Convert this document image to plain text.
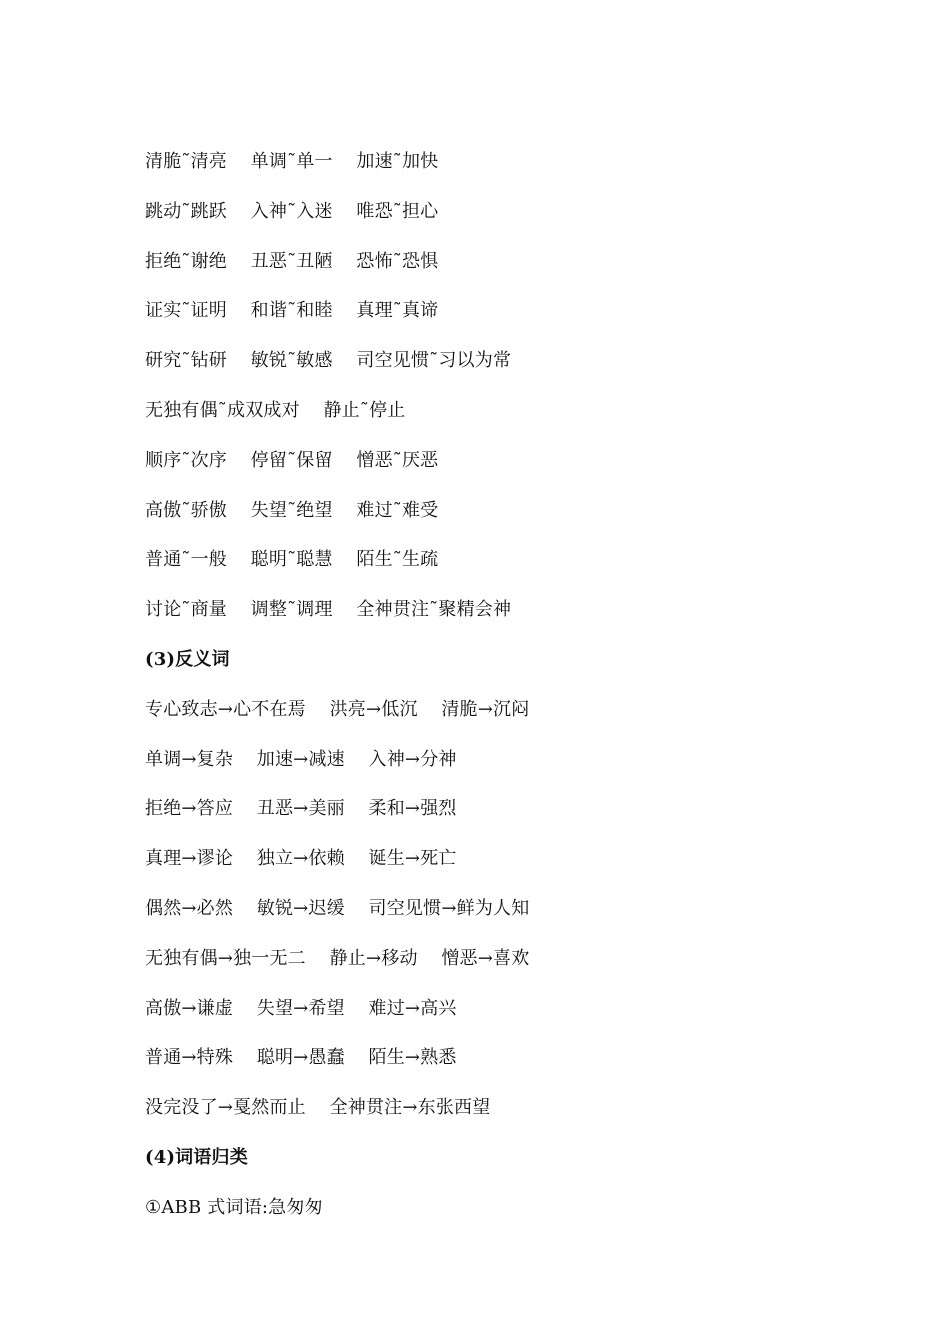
清脆˜清亮    单调˜单一    加速˜加快
跳动˜跳跃    入神˜入迷    唯恐˜担心
拒绝˜谢绝    丑恶˜丑陋    恐怖˜恐惧
证实˜证明    和谐˜和睦    真理˜真谛
研究˜钻研    敏锐˜敏感    司空见惯˜习以为常
无独有偶˜成双成对    静止˜停止
顺序˜次序    停留˜保留    憎恶˜厌恶
高傲˜骄傲    失望˜绝望    难过˜难受
普通˜一般    聪明˜聪慧    陌生˜生疏
讨论˜商量    调整˜调理    全神贯注˜聚精会神
(3)反义词
专心致志→心不在焉    洪亮→低沉    清脆→沉闷
单调→复杂    加速→减速    入神→分神
拒绝→答应    丑恶→美丽    柔和→强烈
真理→谬论    独立→依赖    诞生→死亡
偶然→必然    敏锐→迟缓    司空见惯→鲜为人知
无独有偶→独一无二    静止→移动    憎恶→喜欢
高傲→谦虚    失望→希望    难过→高兴
普通→特殊    聪明→愚蠢    陌生→熟悉
没完没了→戛然而止    全神贯注→东张西望
(4)词语归类
①ABB 式词语:急匆匆
